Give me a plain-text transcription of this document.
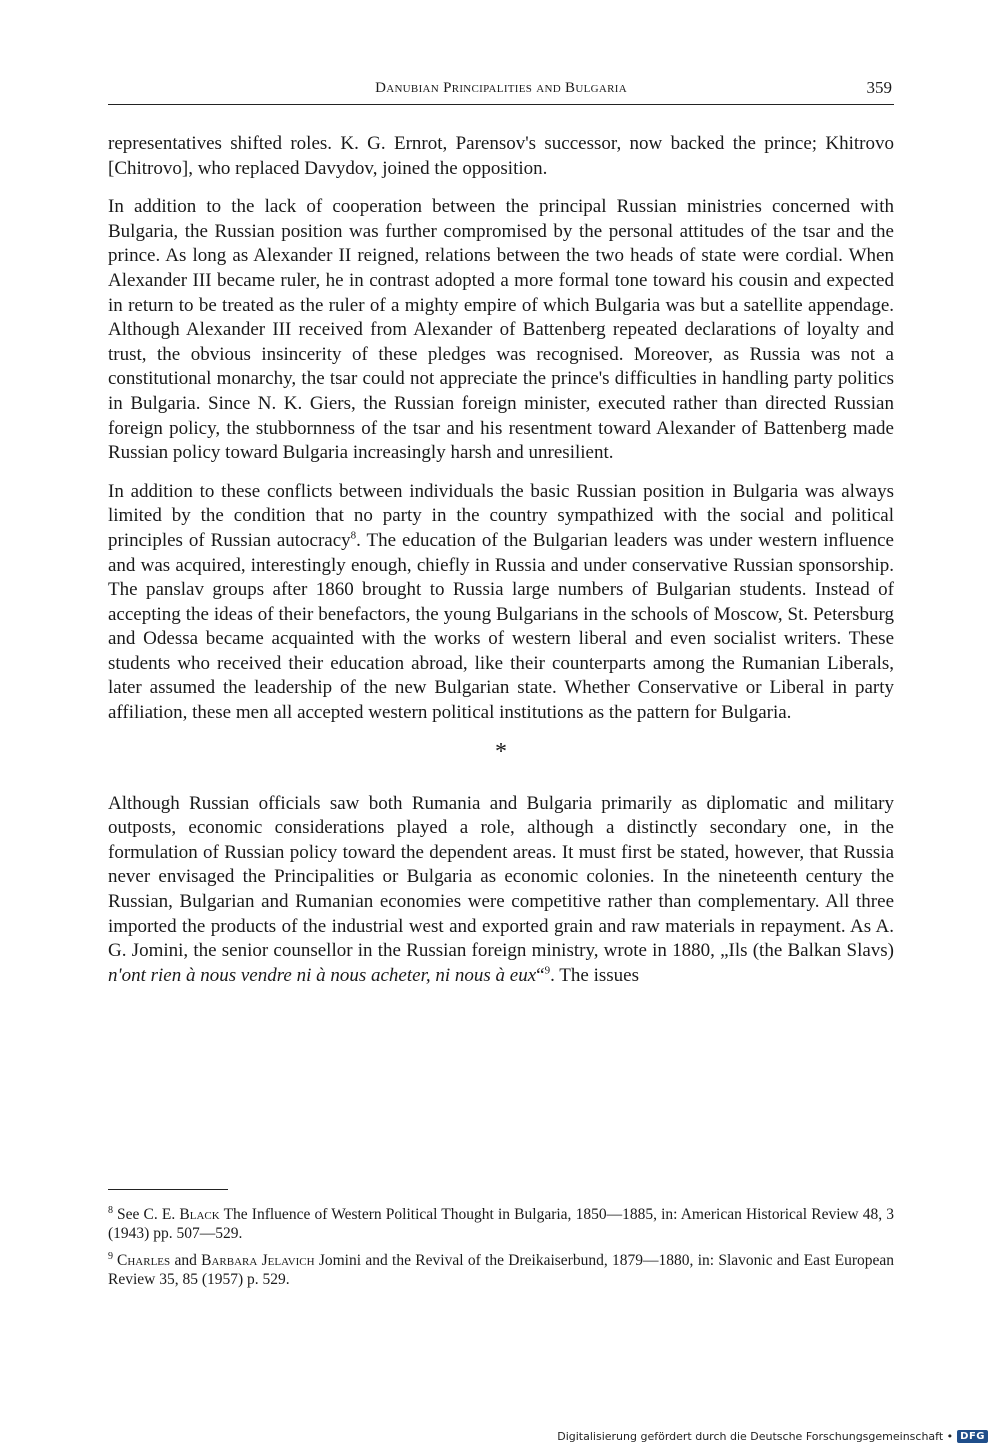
Danubian Principalities and Bulgaria	359

representatives shifted roles. K. G. Ernrot, Parensov's successor, now backed the prince; Khitrovo [Chitrovo], who replaced Davydov, joined the opposition.

In addition to the lack of cooperation between the principal Russian ministries concerned with Bulgaria, the Russian position was further compromised by the personal attitudes of the tsar and the prince. As long as Alexander II reigned, relations between the two heads of state were cordial. When Alexander III became ruler, he in contrast adopted a more formal tone toward his cousin and expected in return to be treated as the ruler of a mighty empire of which Bulgaria was but a satellite appendage. Although Alexander III received from Alexander of Battenberg repeated declarations of loyalty and trust, the obvious insincerity of these pledges was recognised. Moreover, as Russia was not a constitutional monarchy, the tsar could not appreciate the prince's difficulties in handling party politics in Bulgaria. Since N. K. Giers, the Russian foreign minister, executed rather than directed Russian foreign policy, the stubbornness of the tsar and his resentment toward Alexander of Battenberg made Russian policy toward Bulgaria increasingly harsh and unresilient.

In addition to these conflicts between individuals the basic Russian position in Bulgaria was always limited by the condition that no party in the country sympathized with the social and political principles of Russian autocracy$^8$. The education of the Bulgarian leaders was under western influence and was acquired, interestingly enough, chiefly in Russia and under conservative Russian sponsorship. The panslav groups after 1860 brought to Russia large numbers of Bulgarian students. Instead of accepting the ideas of their benefactors, the young Bulgarians in the schools of Moscow, St. Petersburg and Odessa became acquainted with the works of western liberal and even socialist writers. These students who received their education abroad, like their counterparts among the Rumanian Liberals, later assumed the leadership of the new Bulgarian state. Whether Conservative or Liberal in party affiliation, these men all accepted western political institutions as the pattern for Bulgaria.

*

Although Russian officials saw both Rumania and Bulgaria primarily as diplomatic and military outposts, economic considerations played a role, although a distinctly secondary one, in the formulation of Russian policy toward the dependent areas. It must first be stated, however, that Russia never envisaged the Principalities or Bulgaria as economic colonies. In the nineteenth century the Russian, Bulgarian and Rumanian economies were competitive rather than complementary. All three imported the products of the industrial west and exported grain and raw materials in repayment. As A. G. Jomini, the senior counsellor in the Russian foreign ministry, wrote in 1880, „Ils (the Balkan Slavs) n'ont rien à nous vendre ni à nous acheter, ni nous à eux“$^9$. The issues

$^8$ See C. E. Black The Influence of Western Political Thought in Bulgaria, 1850—1885, in: American Historical Review 48, 3 (1943) pp. 507—529.

$^9$ Charles and Barbara Jelavich Jomini and the Revival of the Dreikaiserbund, 1879—1880, in: Slavonic and East European Review 35, 85 (1957) p. 529.

Digitalisierung gefördert durch die Deutsche Forschungsgemeinschaft • DFG
